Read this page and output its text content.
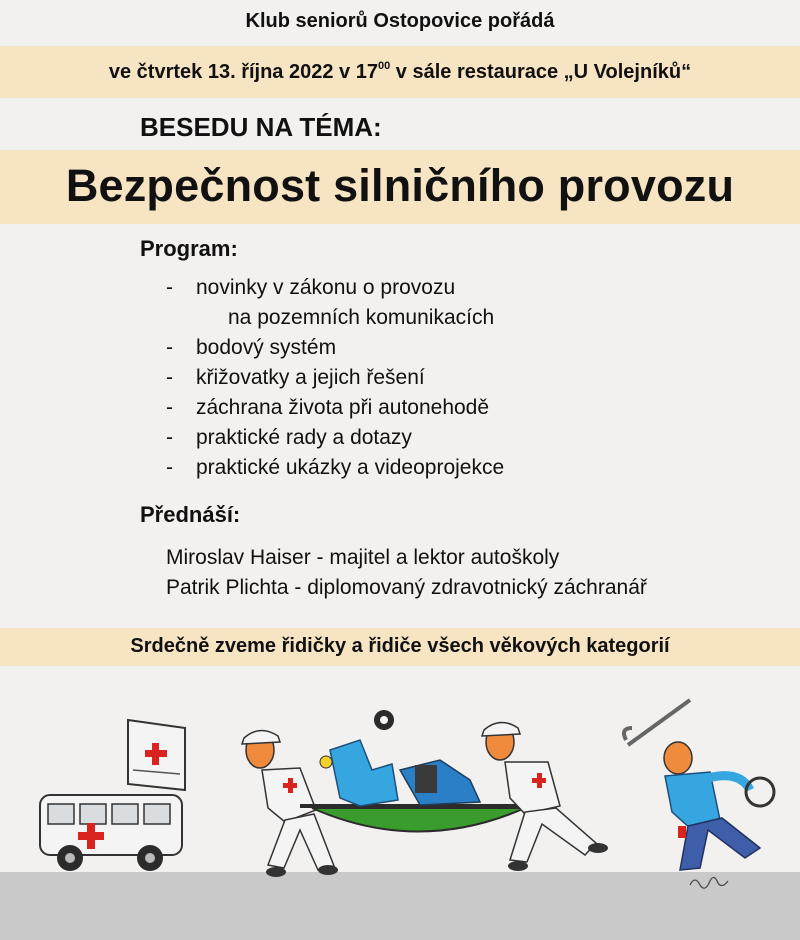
Klub seniorů Ostopovice pořádá
ve čtvrtek 13. října 2022 v $17^{00}$ v sále restaurace „U Volejníků“
BESEDU NA TÉMA:
Bezpečnost silničního provozu
Program:
- novinky v zákonu o provozu
na pozemních komunikacích
- bodový systém
- křižovatky a jejich řešení
- záchrana života při autonehodě
- praktické rady a dotazy
- praktické ukázky a videoprojekce
Přednáší:
Miroslav Haiser - majitel a lektor autoškoly
Patrik Plichta - diplomovaný zdravotnický záchranář
Srdečně zveme řidičky a řidiče všech věkových kategorií
